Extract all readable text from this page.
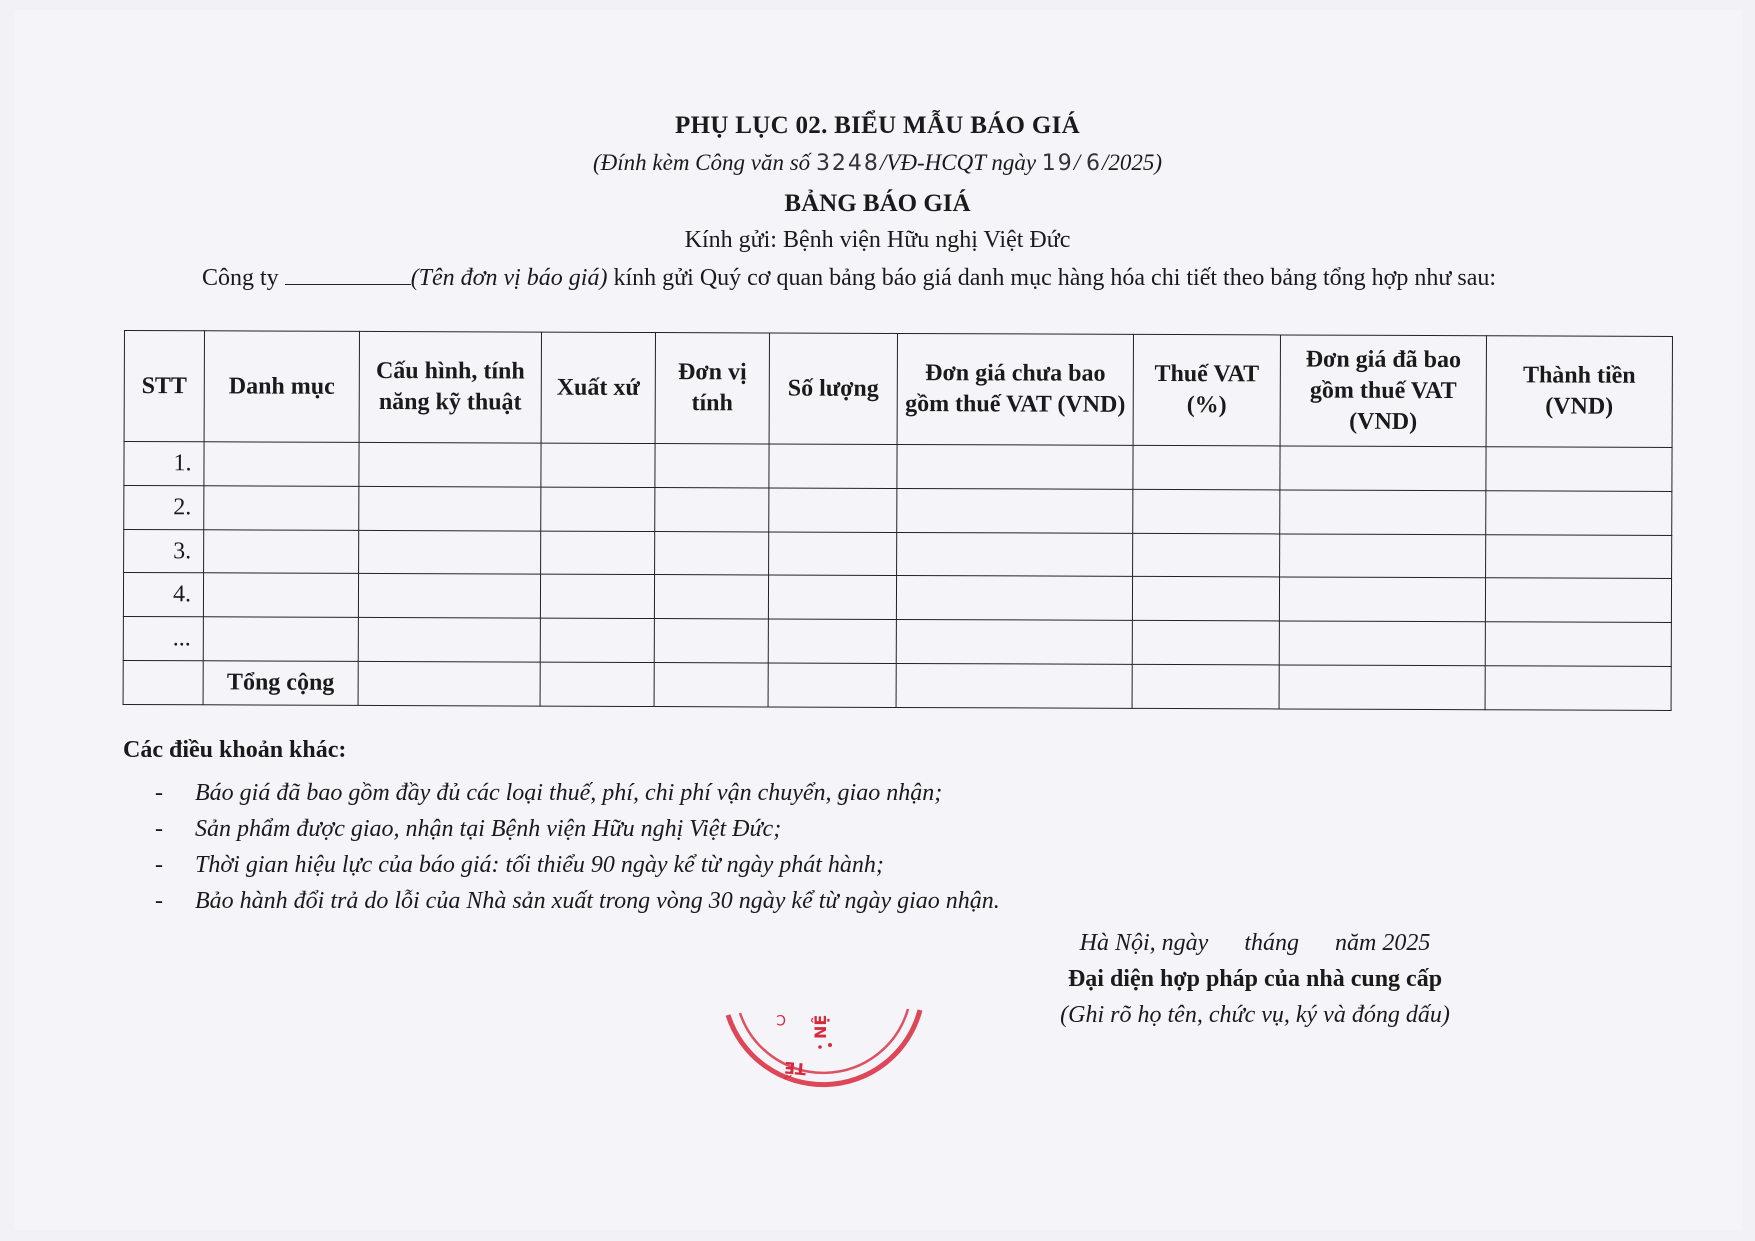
PHỤ LỤC 02. BIỂU MẪU BÁO GIÁ
(Đính kèm Công văn số 3248/VĐ-HCQT ngày 19/ 6/2025)
BẢNG BÁO GIÁ
Kính gửi: Bệnh viện Hữu nghị Việt Đức
Công ty	(Tên đơn vị báo giá) kính gửi Quý cơ quan bảng báo giá danh mục hàng hóa chi tiết theo bảng tổng hợp như sau:
STT	Danh mục	Cấu hình, tính năng kỹ thuật	Xuất xứ	Đơn vị tính	Số lượng	Đơn giá chưa bao gồm thuế VAT (VND)	Thuế VAT (%)	Đơn giá đã bao gồm thuế VAT (VND)	Thành tiền (VND)
1.									
2.									
3.									
4.									
...									
	Tổng cộng								
Các điều khoản khác:
- Báo giá đã bao gồm đầy đủ các loại thuế, phí, chi phí vận chuyển, giao nhận;
- Sản phẩm được giao, nhận tại Bệnh viện Hữu nghị Việt Đức;
- Thời gian hiệu lực của báo giá: tối thiểu 90 ngày kể từ ngày phát hành;
- Bảo hành đổi trả do lỗi của Nhà sản xuất trong vòng 30 ngày kể từ ngày giao nhận.
Hà Nội, ngày      tháng      năm 2025
Đại diện hợp pháp của nhà cung cấp
(Ghi rõ họ tên, chức vụ, ký và đóng dấu)
TẾ
C NỆ
